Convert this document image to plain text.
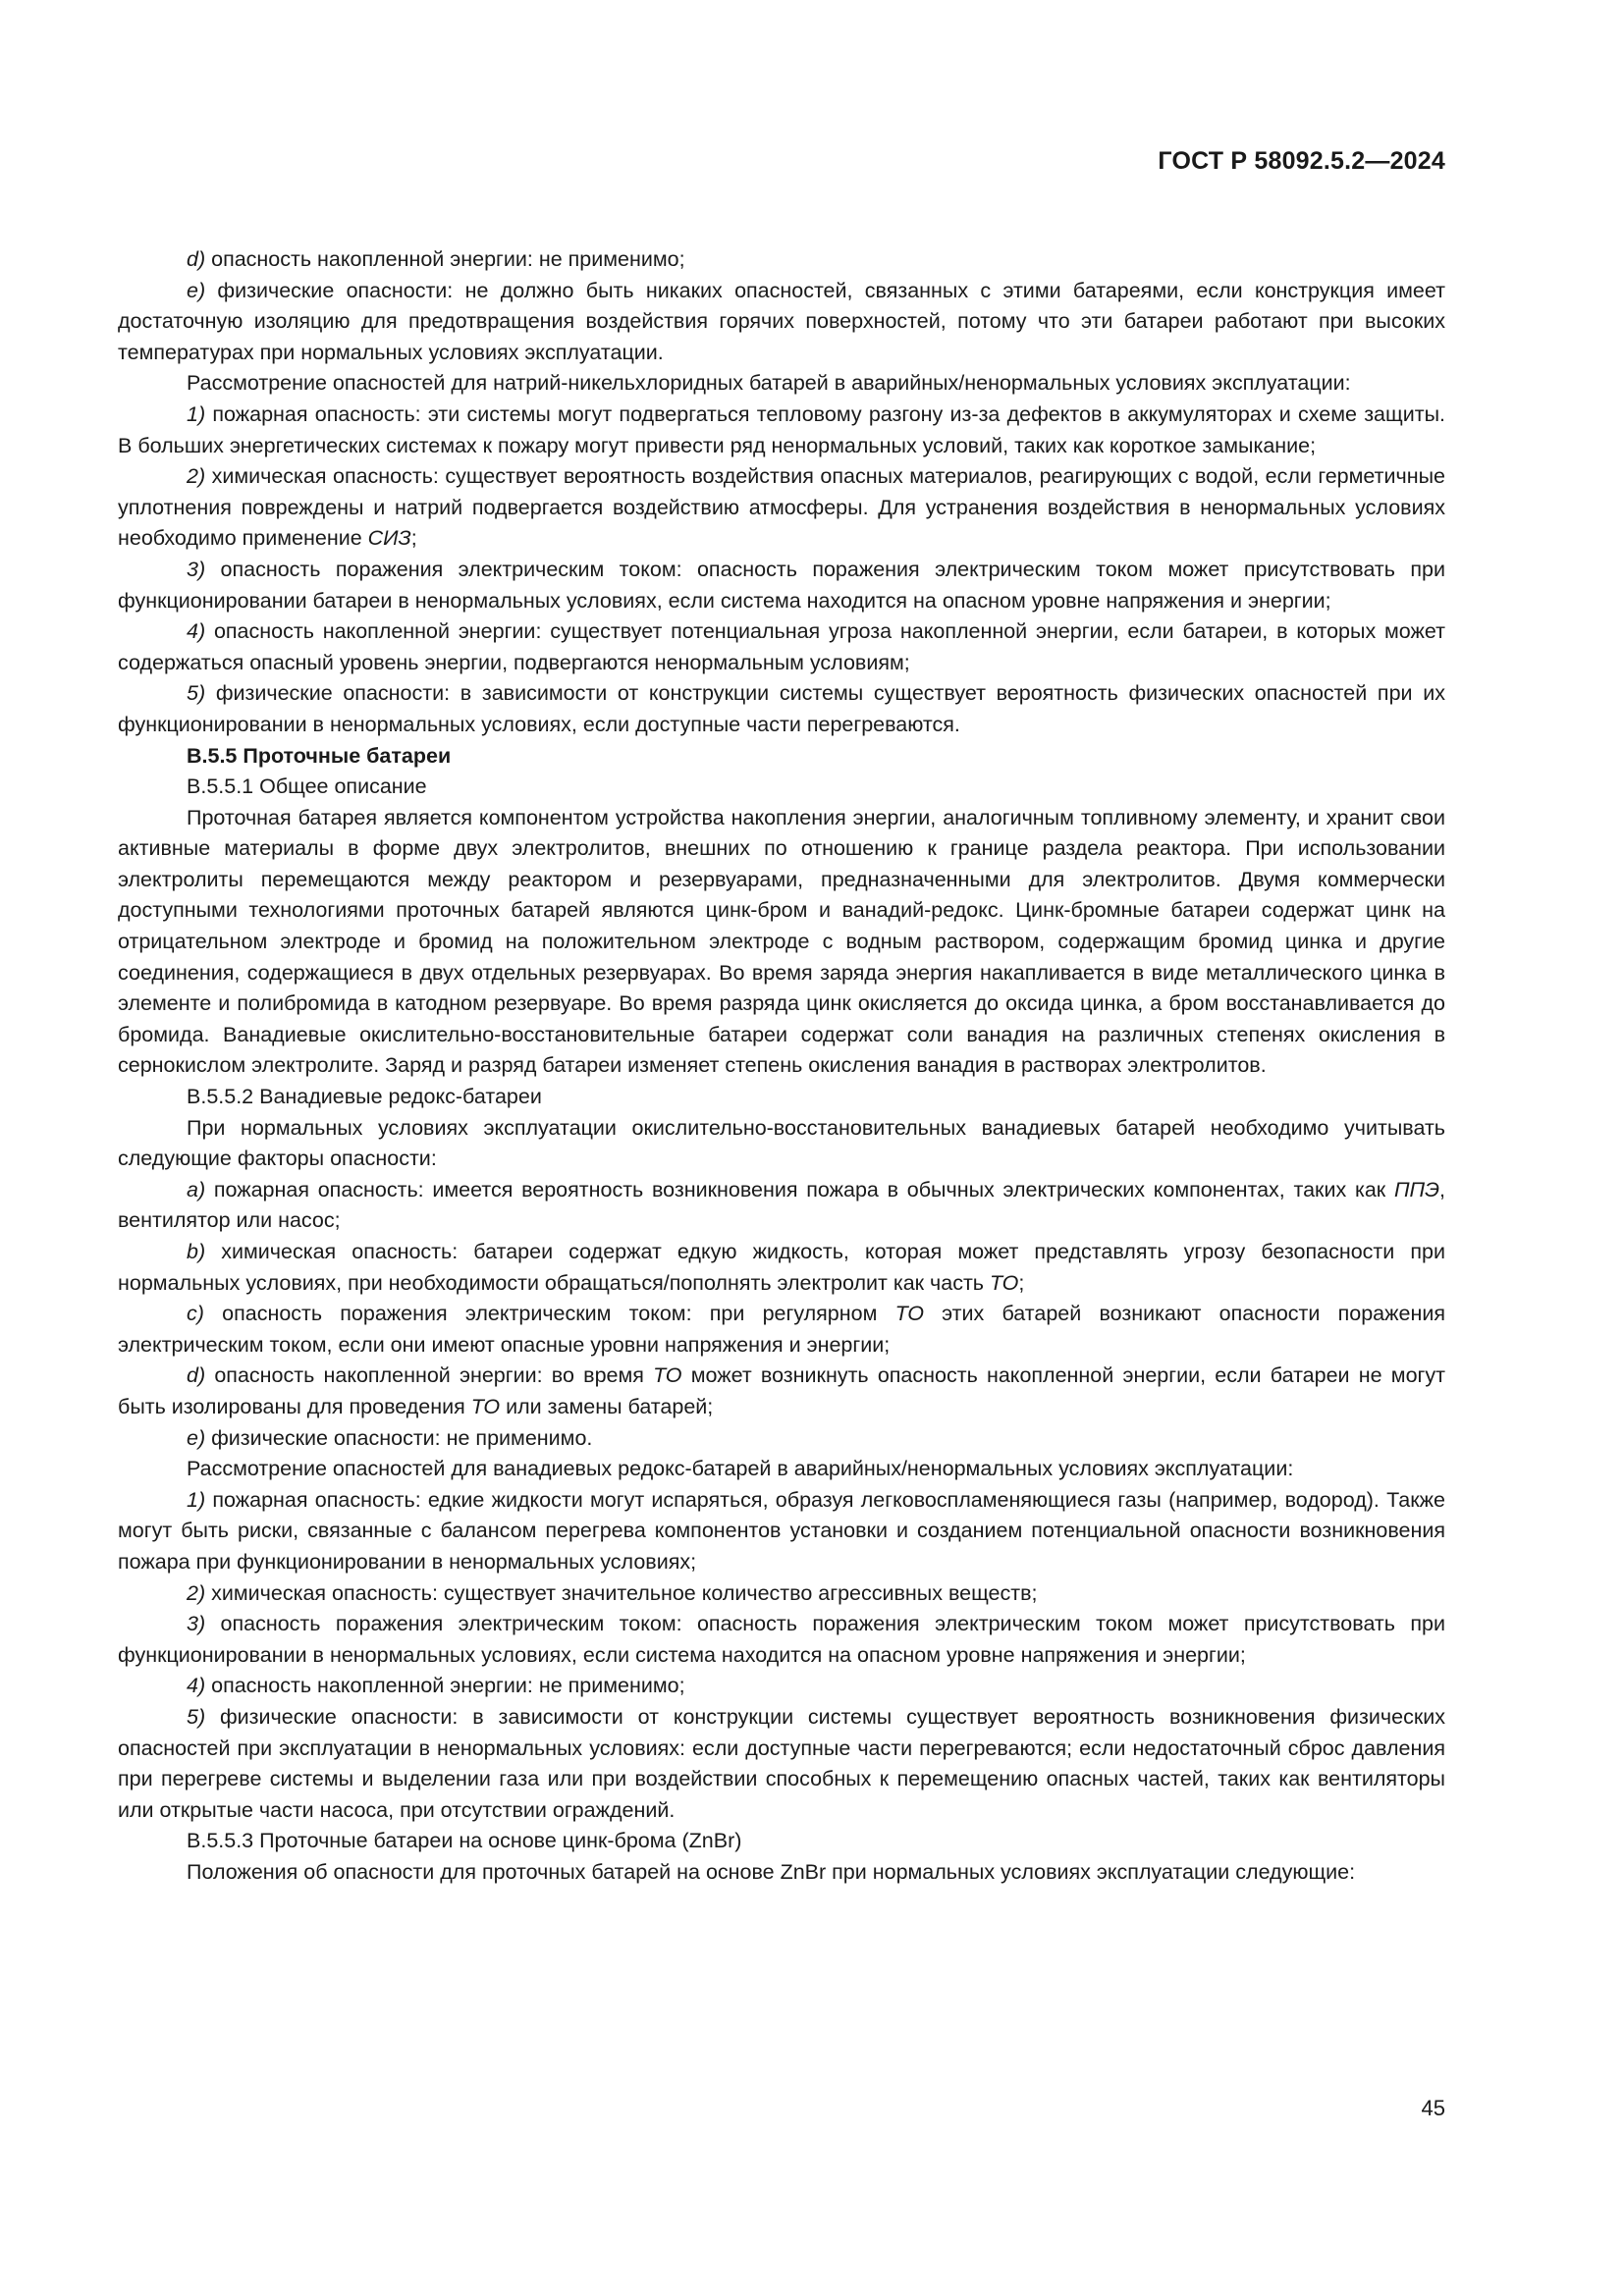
ГОСТ Р 58092.5.2—2024

d) опасность накопленной энергии: не применимо;

e) физические опасности: не должно быть никаких опасностей, связанных с этими батареями, если конструкция имеет достаточную изоляцию для предотвращения воздействия горячих поверхностей, потому что эти батареи работают при высоких температурах при нормальных условиях эксплуатации.

Рассмотрение опасностей для натрий-никельхлоридных батарей в аварийных/ненормальных условиях эксплуатации:

1) пожарная опасность: эти системы могут подвергаться тепловому разгону из-за дефектов в аккумуляторах и схеме защиты. В больших энергетических системах к пожару могут привести ряд ненормальных условий, таких как короткое замыкание;

2) химическая опасность: существует вероятность воздействия опасных материалов, реагирующих с водой, если герметичные уплотнения повреждены и натрий подвергается воздействию атмосферы. Для устранения воздействия в ненормальных условиях необходимо применение СИЗ;

3) опасность поражения электрическим током: опасность поражения электрическим током может присутствовать при функционировании батареи в ненормальных условиях, если система находится на опасном уровне напряжения и энергии;

4) опасность накопленной энергии: существует потенциальная угроза накопленной энергии, если батареи, в которых может содержаться опасный уровень энергии, подвергаются ненормальным условиям;

5) физические опасности: в зависимости от конструкции системы существует вероятность физических опасностей при их функционировании в ненормальных условиях, если доступные части перегреваются.

В.5.5 Проточные батареи

В.5.5.1 Общее описание

Проточная батарея является компонентом устройства накопления энергии, аналогичным топливному элементу, и хранит свои активные материалы в форме двух электролитов, внешних по отношению к границе раздела реактора. При использовании электролиты перемещаются между реактором и резервуарами, предназначенными для электролитов. Двумя коммерчески доступными технологиями проточных батарей являются цинк-бром и ванадий-редокс. Цинк-бромные батареи содержат цинк на отрицательном электроде и бромид на положительном электроде с водным раствором, содержащим бромид цинка и другие соединения, содержащиеся в двух отдельных резервуарах. Во время заряда энергия накапливается в виде металлического цинка в элементе и полибромида в катодном резервуаре. Во время разряда цинк окисляется до оксида цинка, а бром восстанавливается до бромида. Ванадиевые окислительно-восстановительные батареи содержат соли ванадия на различных степенях окисления в сернокислом электролите. Заряд и разряд батареи изменяет степень окисления ванадия в растворах электролитов.

В.5.5.2 Ванадиевые редокс-батареи

При нормальных условиях эксплуатации окислительно-восстановительных ванадиевых батарей необходимо учитывать следующие факторы опасности:

a) пожарная опасность: имеется вероятность возникновения пожара в обычных электрических компонентах, таких как ППЭ, вентилятор или насос;

b) химическая опасность: батареи содержат едкую жидкость, которая может представлять угрозу безопасности при нормальных условиях, при необходимости обращаться/пополнять электролит как часть ТО;

c) опасность поражения электрическим током: при регулярном ТО этих батарей возникают опасности поражения электрическим током, если они имеют опасные уровни напряжения и энергии;

d) опасность накопленной энергии: во время ТО может возникнуть опасность накопленной энергии, если батареи не могут быть изолированы для проведения ТО или замены батарей;

e) физические опасности: не применимо.

Рассмотрение опасностей для ванадиевых редокс-батарей в аварийных/ненормальных условиях эксплуатации:

1) пожарная опасность: едкие жидкости могут испаряться, образуя легковоспламеняющиеся газы (например, водород). Также могут быть риски, связанные с балансом перегрева компонентов установки и созданием потенциальной опасности возникновения пожара при функционировании в ненормальных условиях;

2) химическая опасность: существует значительное количество агрессивных веществ;

3) опасность поражения электрическим током: опасность поражения электрическим током может присутствовать при функционировании в ненормальных условиях, если система находится на опасном уровне напряжения и энергии;

4) опасность накопленной энергии: не применимо;

5) физические опасности: в зависимости от конструкции системы существует вероятность возникновения физических опасностей при эксплуатации в ненормальных условиях: если доступные части перегреваются; если недостаточный сброс давления при перегреве системы и выделении газа или при воздействии способных к перемещению опасных частей, таких как вентиляторы или открытые части насоса, при отсутствии ограждений.

В.5.5.3 Проточные батареи на основе цинк-брома (ZnBr)

Положения об опасности для проточных батарей на основе ZnBr при нормальных условиях эксплуатации следующие:

45
